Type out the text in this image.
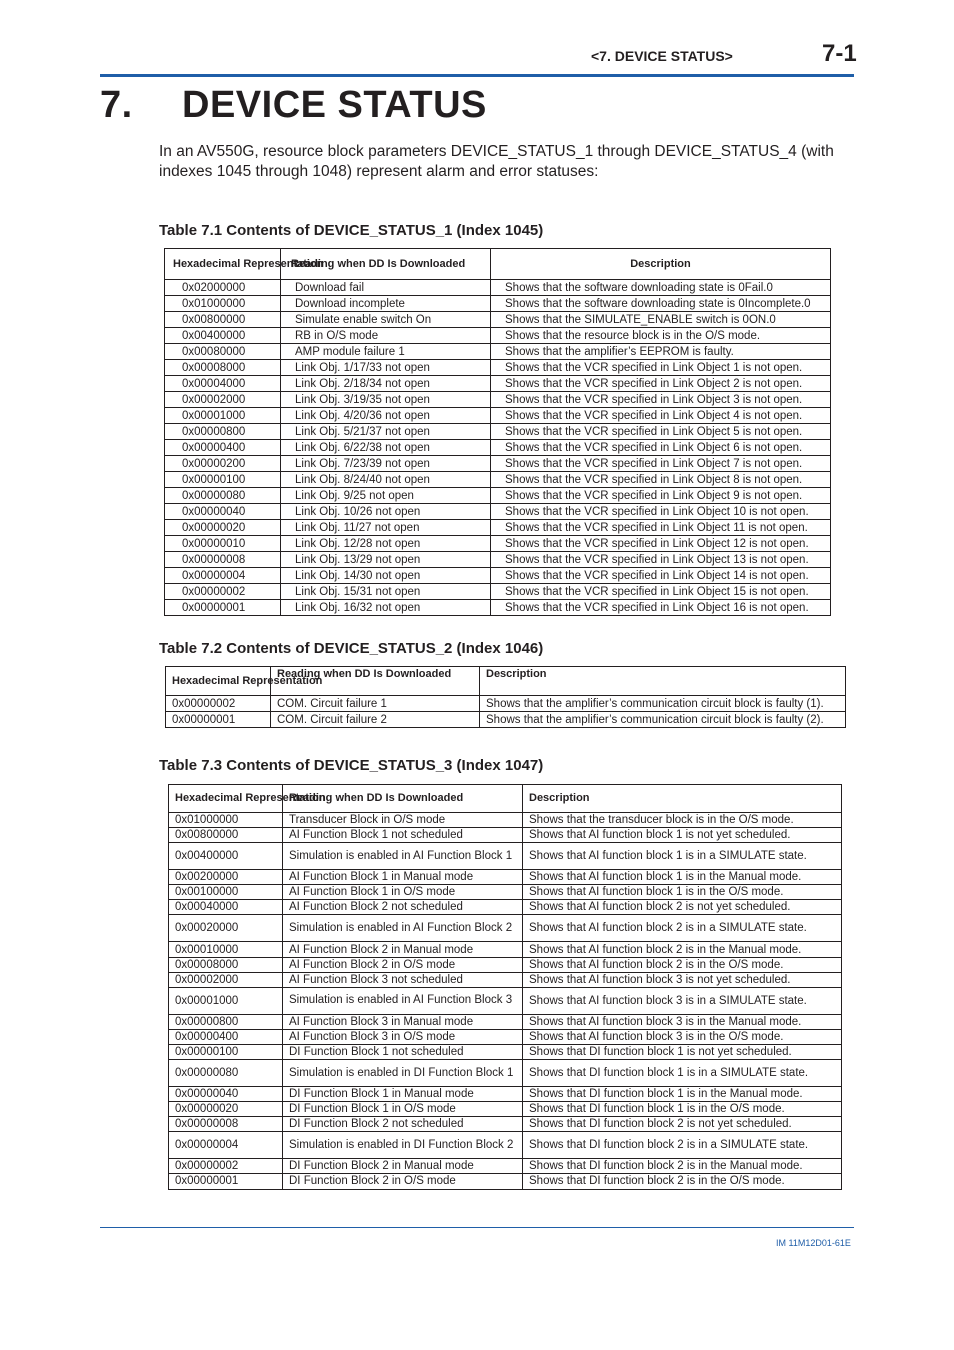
<7. DEVICE STATUS>	7-1
7. DEVICE STATUS
In an AV550G, resource block parameters DEVICE_STATUS_1 through DEVICE_STATUS_4 (with indexes 1045 through 1048) represent alarm and error statuses:
Table 7.1 Contents of DEVICE_STATUS_1 (Index 1045)
Hexadecimal Representation	Reading when DD Is Downloaded	Description
0x02000000	Download fail	Shows that the software downloading state is 0Fail.0
0x01000000	Download incomplete	Shows that the software downloading state is 0Incomplete.0
0x00800000	Simulate enable switch On	Shows that the SIMULATE_ENABLE switch is 0ON.0
0x00400000	RB in O/S mode	Shows that the resource block is in the O/S mode.
0x00080000	AMP module failure 1	Shows that the amplifier’s EEPROM is faulty.
0x00008000	Link Obj. 1/17/33 not open	Shows that the VCR specified in Link Object 1 is not open.
0x00004000	Link Obj. 2/18/34 not open	Shows that the VCR specified in Link Object 2 is not open.
0x00002000	Link Obj. 3/19/35 not open	Shows that the VCR specified in Link Object 3 is not open.
0x00001000	Link Obj. 4/20/36 not open	Shows that the VCR specified in Link Object 4 is not open.
0x00000800	Link Obj. 5/21/37 not open	Shows that the VCR specified in Link Object 5 is not open.
0x00000400	Link Obj. 6/22/38 not open	Shows that the VCR specified in Link Object 6 is not open.
0x00000200	Link Obj. 7/23/39 not open	Shows that the VCR specified in Link Object 7 is not open.
0x00000100	Link Obj. 8/24/40 not open	Shows that the VCR specified in Link Object 8 is not open.
0x00000080	Link Obj. 9/25 not open	Shows that the VCR specified in Link Object 9 is not open.
0x00000040	Link Obj. 10/26 not open	Shows that the VCR specified in Link Object 10 is not open.
0x00000020	Link Obj. 11/27 not open	Shows that the VCR specified in Link Object 11 is not open.
0x00000010	Link Obj. 12/28 not open	Shows that the VCR specified in Link Object 12 is not open.
0x00000008	Link Obj. 13/29 not open	Shows that the VCR specified in Link Object 13 is not open.
0x00000004	Link Obj. 14/30 not open	Shows that the VCR specified in Link Object 14 is not open.
0x00000002	Link Obj. 15/31 not open	Shows that the VCR specified in Link Object 15 is not open.
0x00000001	Link Obj. 16/32 not open	Shows that the VCR specified in Link Object 16 is not open.
Table 7.2 Contents of DEVICE_STATUS_2 (Index 1046)
Hexadecimal Representation	Reading when DD Is Downloaded	Description
0x00000002	COM. Circuit failure 1	Shows that the amplifier’s communication circuit block is faulty (1).
0x00000001	COM. Circuit failure 2	Shows that the amplifier’s communication circuit block is faulty (2).
Table 7.3 Contents of DEVICE_STATUS_3 (Index 1047)
Hexadecimal Representation	Reading when DD Is Downloaded	Description
0x01000000	Transducer Block in O/S mode	Shows that the transducer block is in the O/S mode.
0x00800000	AI Function Block 1 not scheduled	Shows that AI function block 1 is not yet scheduled.
0x00400000	Simulation is enabled in AI Function Block 1	Shows that AI function block 1 is in a SIMULATE state.
0x00200000	AI Function Block 1 in Manual mode	Shows that AI function block 1 is in the Manual mode.
0x00100000	AI Function Block 1 in O/S mode	Shows that AI function block 1 is in the O/S mode.
0x00040000	AI Function Block 2 not scheduled	Shows that AI function block 2 is not yet scheduled.
0x00020000	Simulation is enabled in AI Function Block 2	Shows that AI function block 2 is in a SIMULATE state.
0x00010000	AI Function Block 2 in Manual mode	Shows that AI function block 2 is in the Manual mode.
0x00008000	AI Function Block 2 in O/S mode	Shows that AI function block 2 is in the O/S mode.
0x00002000	AI Function Block 3 not scheduled	Shows that AI function block 3 is not yet scheduled.
0x00001000	Simulation is enabled in AI Function Block 3	Shows that AI function block 3 is in a SIMULATE state.
0x00000800	AI Function Block 3 in Manual mode	Shows that AI function block 3 is in the Manual mode.
0x00000400	AI Function Block 3 in O/S mode	Shows that AI function block 3 is in the O/S mode.
0x00000100	DI Function Block 1 not scheduled	Shows that DI function block 1 is not yet scheduled.
0x00000080	Simulation is enabled in DI Function Block 1	Shows that DI function block 1 is in a SIMULATE state.
0x00000040	DI Function Block 1 in Manual mode	Shows that DI function block 1 is in the Manual mode.
0x00000020	DI Function Block 1 in O/S mode	Shows that DI function block 1 is in the O/S mode.
0x00000008	DI Function Block 2 not scheduled	Shows that DI function block 2 is not yet scheduled.
0x00000004	Simulation is enabled in DI Function Block 2	Shows that DI function block 2 is in a SIMULATE state.
0x00000002	DI Function Block 2 in Manual mode	Shows that DI function block 2 is in the Manual mode.
0x00000001	DI Function Block 2 in O/S mode	Shows that DI function block 2 is in the O/S mode.
IM 11M12D01-61E
